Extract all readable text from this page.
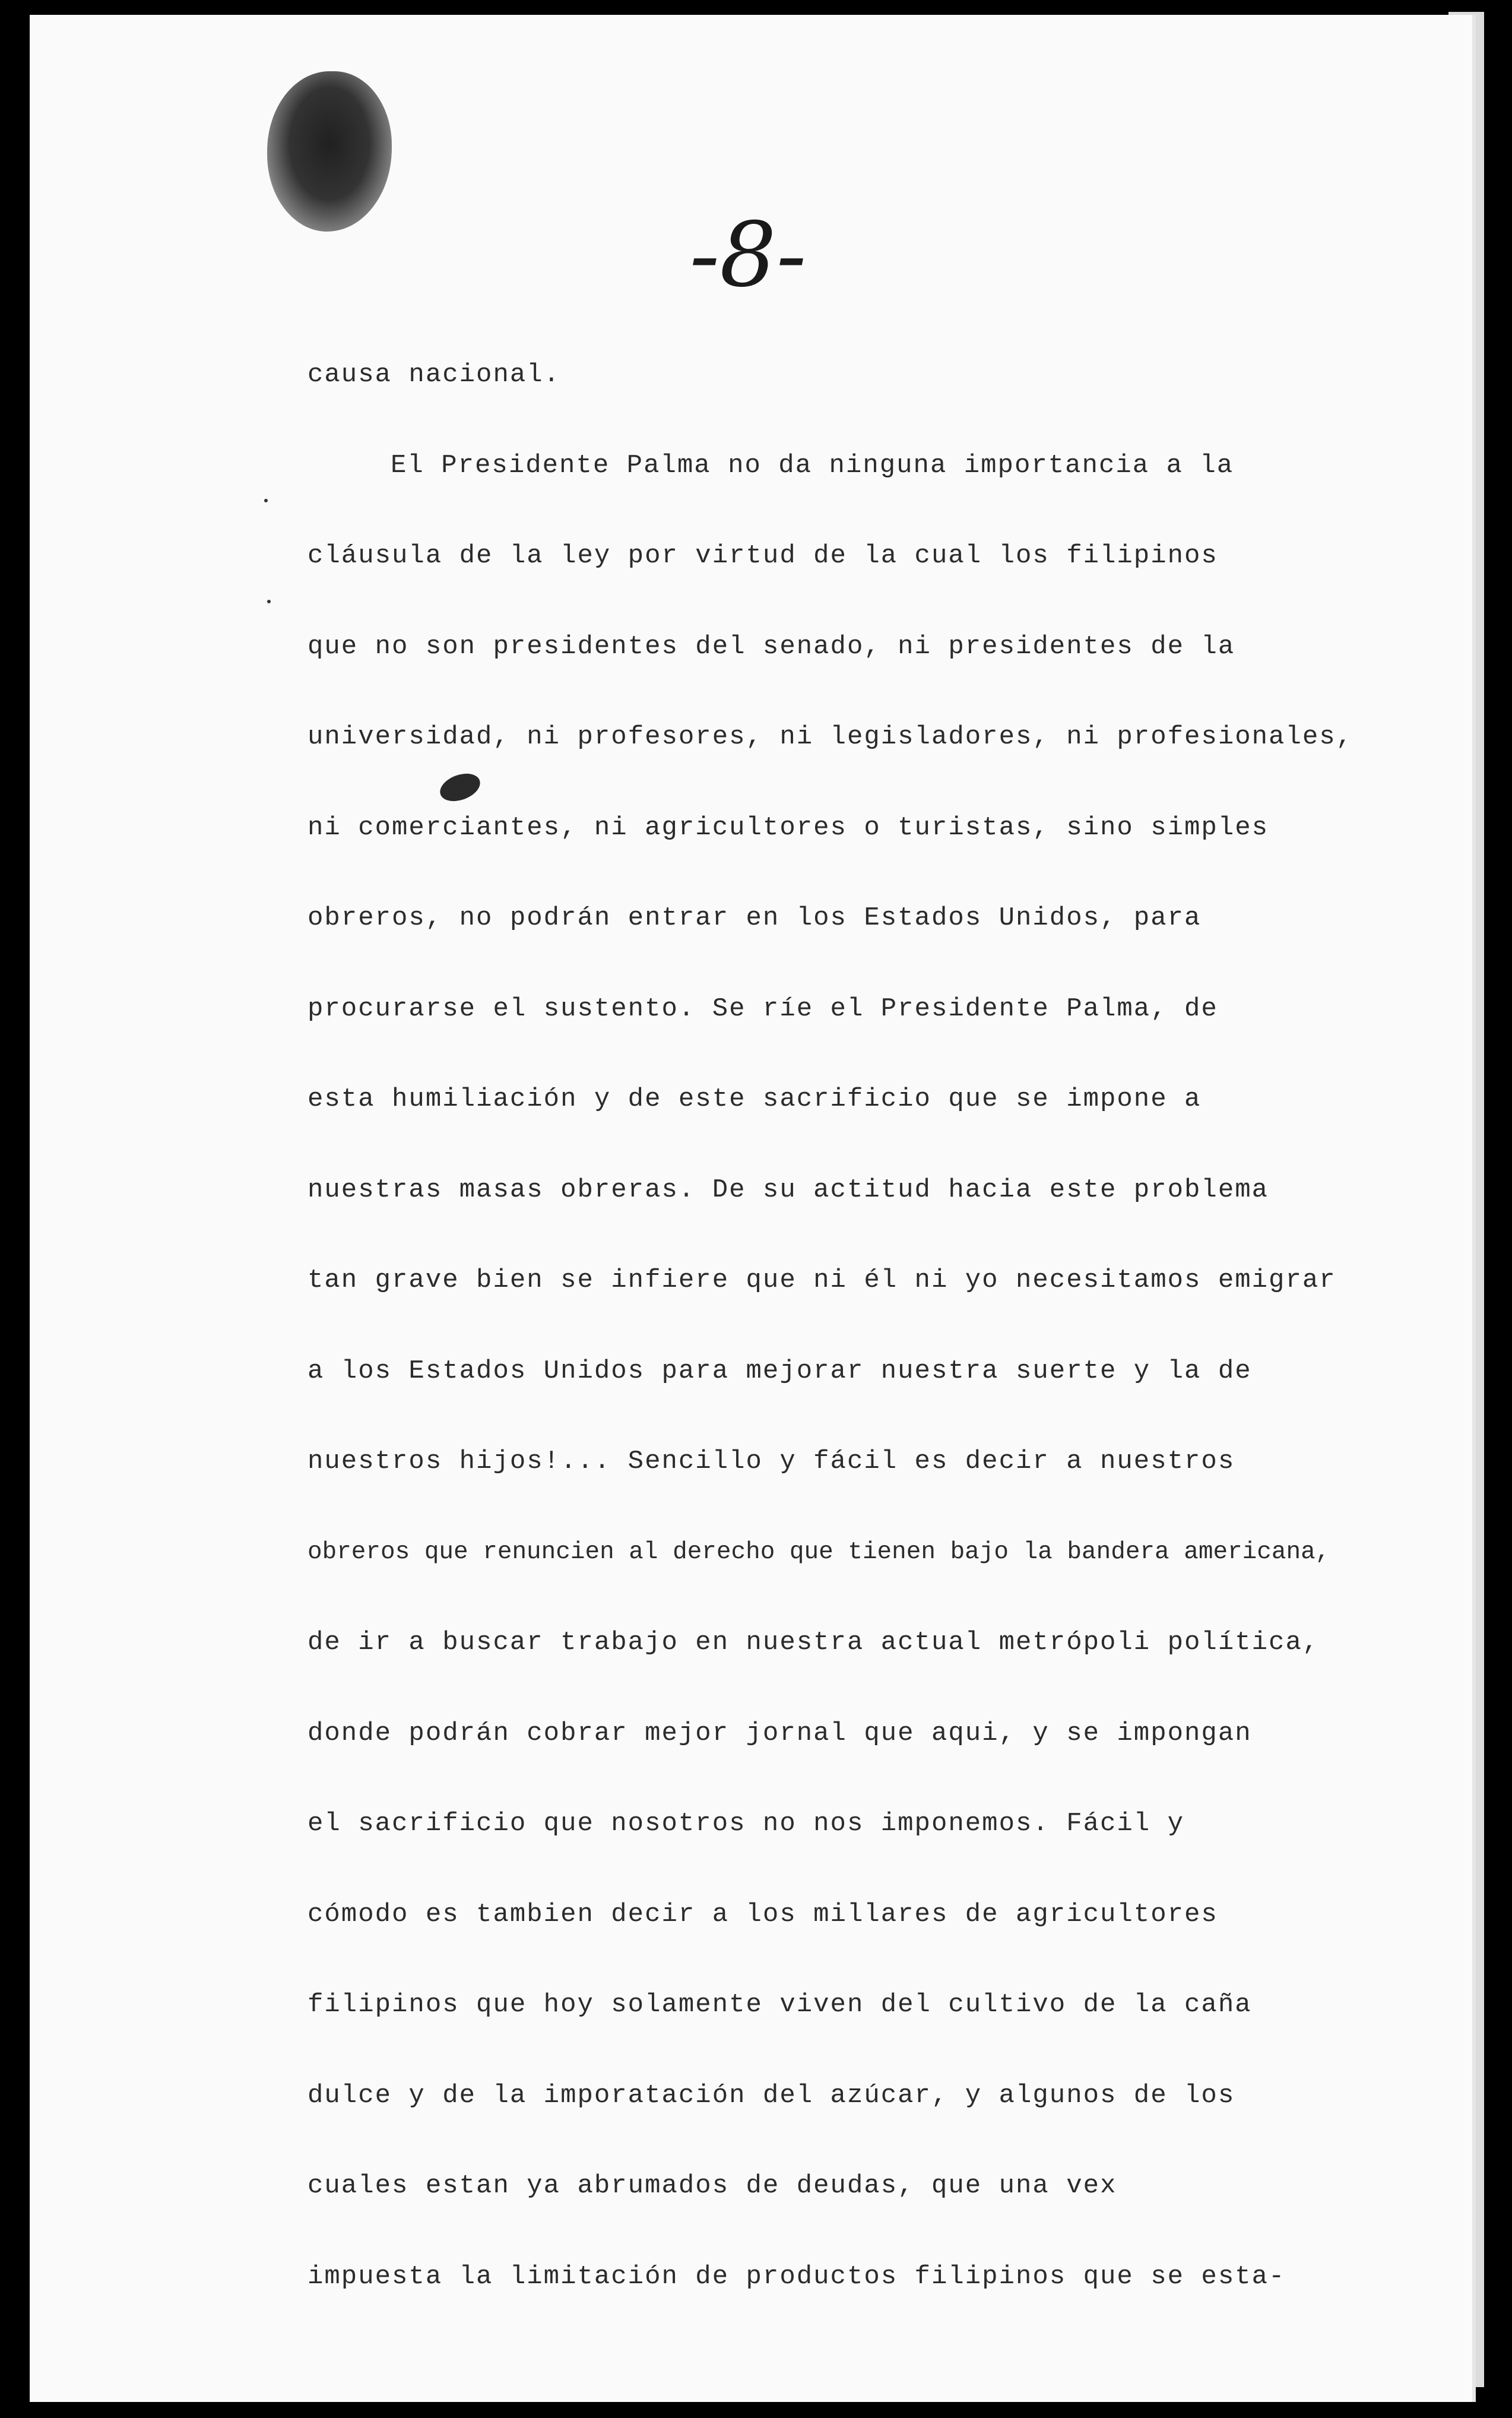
-8-
causa nacional.
El Presidente Palma no da ninguna importancia a la
cláusula de la ley por virtud de la cual los filipinos
que no son presidentes del senado, ni presidentes de la
universidad, ni profesores, ni legisladores, ni profesionales,
ni comerciantes, ni agricultores o turistas, sino simples
obreros, no podrán entrar en los Estados Unidos, para
procurarse el sustento. Se ríe el Presidente Palma, de
esta humiliación y de este sacrificio que se impone a
nuestras masas obreras. De su actitud hacia este problema
tan grave bien se infiere que ni él ni yo necesitamos emigrar
a los Estados Unidos para mejorar nuestra suerte y la de
nuestros hijos!... Sencillo y fácil es decir a nuestros
obreros que renuncien al derecho que tienen bajo la bandera americana,
de ir a buscar trabajo en nuestra actual metrópoli política,
donde podrán cobrar mejor jornal que aqui, y se impongan
el sacrificio que nosotros no nos imponemos. Fácil y
cómodo es tambien decir a los millares de agricultores
filipinos que hoy solamente viven del cultivo de la caña
dulce y de la imporatación del azúcar, y algunos de los
cuales estan ya abrumados de deudas, que una vex
impuesta la limitación de productos filipinos que se esta-
